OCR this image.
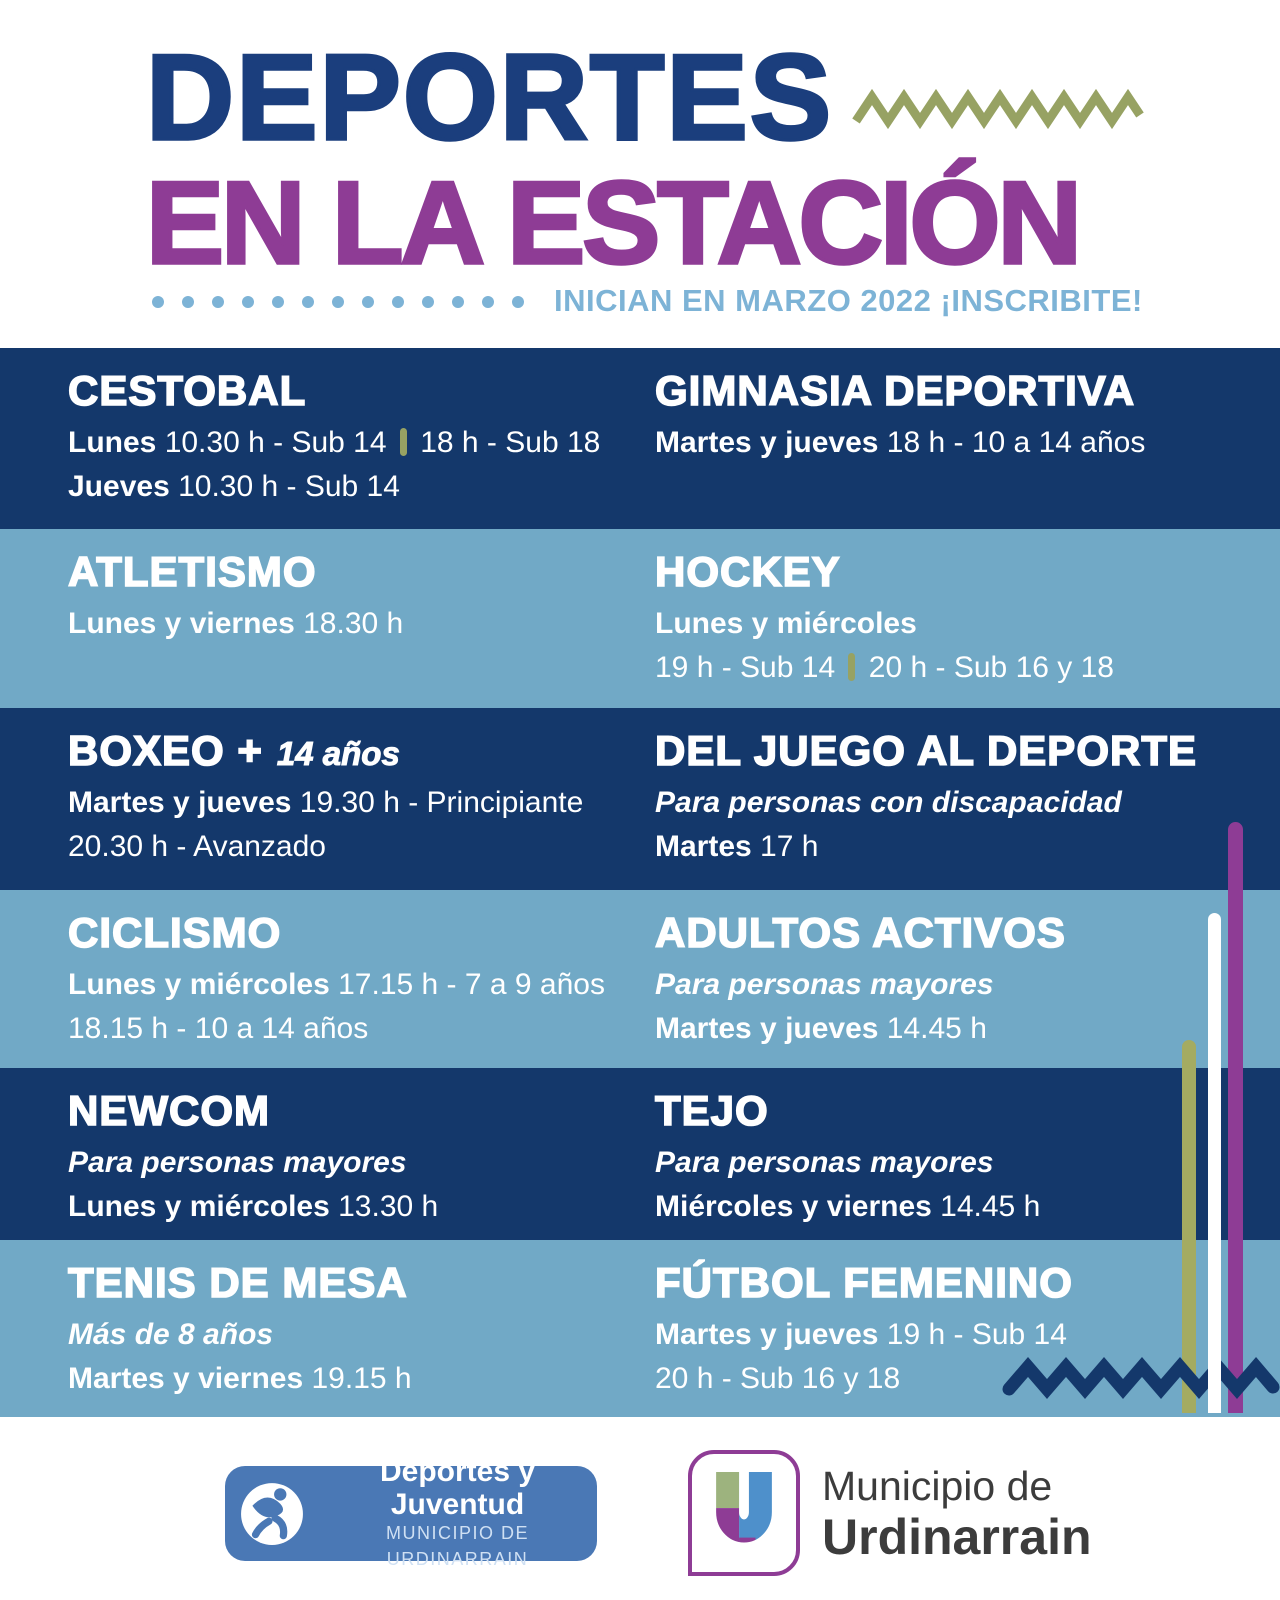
DEPORTES
EN LA ESTACIÓN

INICIAN EN MARZO 2022 ¡INSCRIBITE!

CESTOBAL

Lunes 10.30 h - Sub 14  18 h - Sub 18

Jueves 10.30 h - Sub 14

GIMNASIA DEPORTIVA

Martes y jueves 18 h - 10 a 14 años

ATLETISMO

Lunes y viernes 18.30 h

HOCKEY

Lunes y miércoles

19 h - Sub 14  20 h - Sub 16 y 18

BOXEO + 14 años

Martes y jueves 19.30 h - Principiante

20.30 h - Avanzado

DEL JUEGO AL DEPORTE

Para personas con discapacidad

Martes 17 h

CICLISMO

Lunes y miércoles 17.15 h - 7 a 9 años

18.15 h - 10 a 14 años

ADULTOS ACTIVOS

Para personas mayores

Martes y jueves 14.45 h

NEWCOM

Para personas mayores

Lunes y miércoles 13.30 h

TEJO

Para personas mayores

Miércoles y viernes 14.45 h

TENIS DE MESA

Más de 8 años

Martes y viernes 19.15 h

FÚTBOL FEMENINO

Martes y jueves 19 h - Sub 14

20 h - Sub 16 y 18

Deportes y Juventud
MUNICIPIO DE URDINARRAIN
Municipio de
Urdinarrain
